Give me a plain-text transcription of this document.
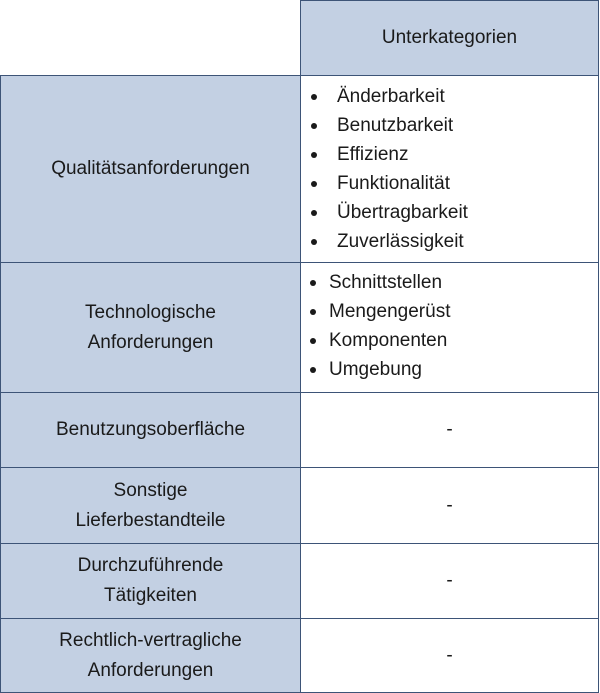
Unterkategorien
Qualitätsanforderungen
Änderbarkeit
Benutzbarkeit
Effizienz
Funktionalität
Übertragbarkeit
Zuverlässigkeit
Technologische
Anforderungen
Schnittstellen
Mengengerüst
Komponenten
Umgebung
Benutzungsoberfläche	-
Sonstige
Lieferbestandteile
-
Durchzuführende
Tätigkeiten
-
Rechtlich-vertragliche
Anforderungen
-
